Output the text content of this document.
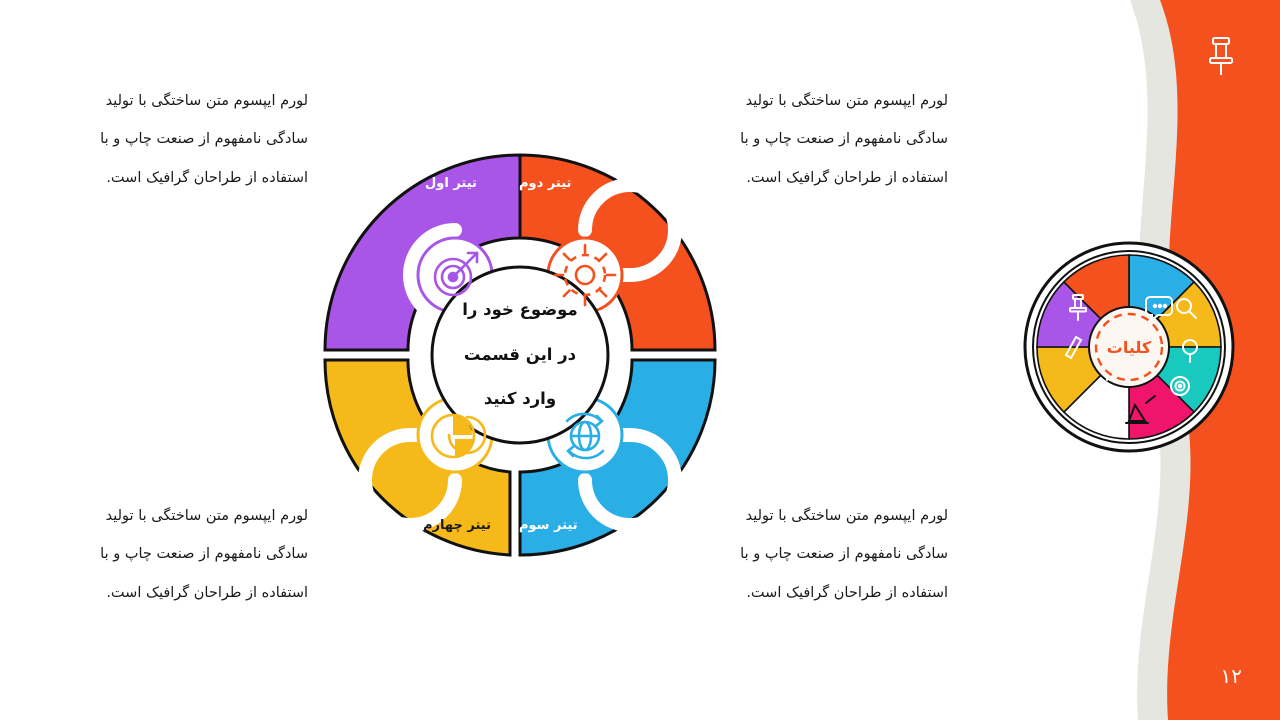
۱۲
لورم ایپسوم متن ساختگی با تولید سادگی نامفهوم از صنعت چاپ و با استفاده از طراحان گرافیک است.
لورم ایپسوم متن ساختگی با تولید سادگی نامفهوم از صنعت چاپ و با استفاده از طراحان گرافیک است.
لورم ایپسوم متن ساختگی با تولید سادگی نامفهوم از صنعت چاپ و با استفاده از طراحان گرافیک است.
لورم ایپسوم متن ساختگی با تولید سادگی نامفهوم از صنعت چاپ و با استفاده از طراحان گرافیک است.
موضوع خود را
در این قسمت
وارد کنید
تیتر اول	تیتر دوم
تیتر سوم
تیتر چهارم
کلیات
